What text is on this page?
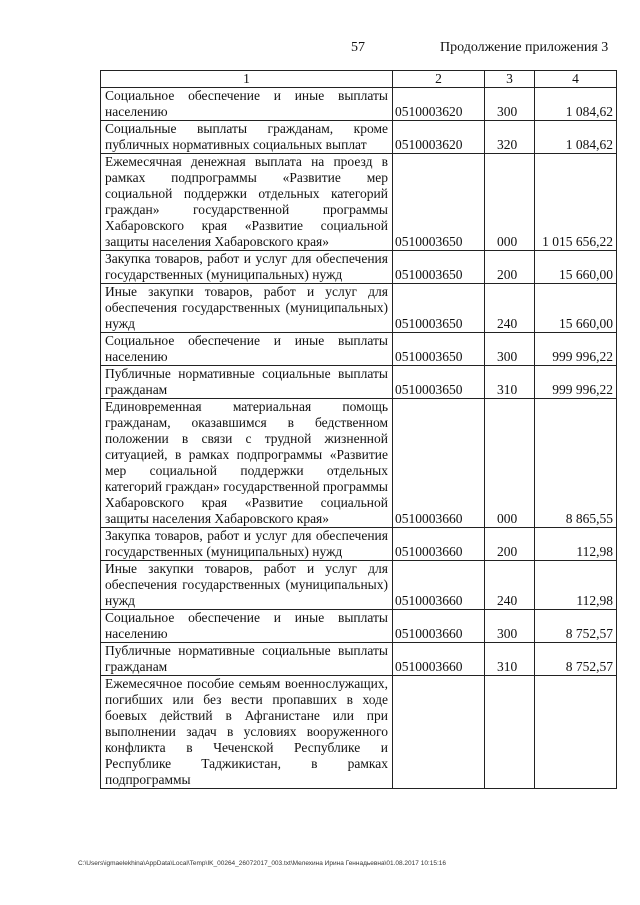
57	Продолжение приложения 3
1	2	3	4
Социальное обеспечение и иные выплаты населению	0510003620	300	1 084,62
Социальные выплаты гражданам, кроме публичных нормативных социальных выплат	0510003620	320	1 084,62
Ежемесячная денежная выплата на проезд в рамках подпрограммы «Развитие мер социальной поддержки отдельных категорий граждан» государственной программы Хабаровского края «Развитие социальной защиты населения Хабаровского края»	0510003650	000	1 015 656,22
Закупка товаров, работ и услуг для обеспечения государственных (муниципальных) нужд	0510003650	200	15 660,00
Иные закупки товаров, работ и услуг для обеспечения государственных (муниципальных) нужд	0510003650	240	15 660,00
Социальное обеспечение и иные выплаты населению	0510003650	300	999 996,22
Публичные нормативные социальные выплаты гражданам	0510003650	310	999 996,22
Единовременная материальная помощь гражданам, оказавшимся в бедственном положении в связи с трудной жизненной ситуацией, в рамках подпрограммы «Развитие мер социальной поддержки отдельных категорий граждан» государственной программы Хабаровского края «Развитие социальной защиты населения Хабаровского края»	0510003660	000	8 865,55
Закупка товаров, работ и услуг для обеспечения государственных (муниципальных) нужд	0510003660	200	112,98
Иные закупки товаров, работ и услуг для обеспечения государственных (муниципальных) нужд	0510003660	240	112,98
Социальное обеспечение и иные выплаты населению	0510003660	300	8 752,57
Публичные нормативные социальные выплаты гражданам	0510003660	310	8 752,57
Ежемесячное пособие семьям военнослужащих, погибших или без вести пропавших в ходе боевых действий в Афганистане или при выполнении задач в условиях вооруженного конфликта в Чеченской Республике и Республике Таджикистан, в рамках подпрограммы			
C:\Users\igmaelekhina\AppData\Local\Temp\IK_00264_26072017_003.txt\Мелехина Ирина Геннадьевна\01.08.2017 10:15:16
